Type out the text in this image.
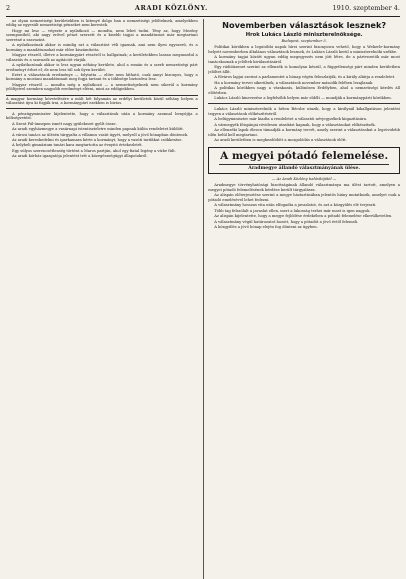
2	ARADI KÖZLÖNY.	1910. szeptember 4.

az olyan nemzetiségi kerületekben is kitenyé dolgo ban a nemzetiségi jelölteknek, amelyekben eddig az egyesült nemzetiségi pénzeket nem kerestek.

Hogy mi lesz — végezte a nyilatkozó — mondta, nem lehet tudni. Tény az, hogy Mezőny szempontból, aki nagy erővel pénzt szerzett és a kisebb tagjai a mandátumot már megtartani szeretné a szavazást.

A nyilatkozónak akkor is mindig azt a választást véli igaznak, ami nem ilyen egyszerű, és a kormány a mandátumokat már előre kiszámította.

Magyar részről, illetve a kormánypárt részéről is hallgatnak; a kerületekben lassan megmozdul a választás és a szavazók az agitációt várják.

A nyilatkozónak akkor is lesz ugyan néhány kerülete, ahol a román és a szerb nemzetiségi párt eredményt érhet el; de nem lesz túl sok ilyen kerület.

Ezért a választások eredménye — folytatta — előre nem látható, csak annyi bizonyos, hogy a kormány a mostani mandátumait meg fogja tartani és a többsége biztosítva lesz.

Magyar részről — mondta még a nyilatkozó — a nemzetiségeknek nem sikerül a kormány jelöltjeivel szemben nagyobb eredményt elérni, mint az eddigiekben.

A magyar kormány követelésére a múlt hét folyamán az erdélyi kerületek közül néhány helyen a választást újra ki fogják írni, a kormánypárt ezekben is biztos.

A pénzügyminiszter kijelentette, hogy a választások után a kormány azonnal benyújtja a költségvetést.

A Szent Pál-ünnepen ismét nagy gyülekezet gyűlt össze.

Az aradi egyházmegye a vasárnapi istentiszteletre minden papnak külön rendeletet küldött.

A városi tanács az ülésén tárgyalta a villamos vasút ügyét, melyről a jövő hónapban döntenek.

Az aradi kereskedelmi és iparkamara kérte a kormányt, hogy a vasúti tarifákat csökkentse.

A helybeli gimnázium tanári kara megtartotta az évnyitó értekezletét.

Egy súlyos szerencsétlenség történt a Maros partján, ahol egy fiatal legény a vízbe fúlt.

Az aradi kórház igazgatója jelentést tett a közegészségügyi állapotokról.

Novemberben választások lesznek?
Hrok Lukács László miniszterelnöksége.
Budapest, szeptember 3.

Politikai körökben a legutóbbi napok hírei szerint bizonyosra vehető, hogy a Wekerle-kormány helyett novemberben általános választások lesznek, és Lukács László kerül a miniszterelnöki székbe.

A kormány tagjai között ugyan eddig megegyezés nem jött létre, de a pártvezetők már most tanácskoznak a jelöltek kiválasztásáról.

Egy rádióüzenet szerint az ellenzék is komolyan készül, a függetlenségi párt minden kerületben jelöltet állít.

A főváros lapjai szerint a parlamentet a hónap végén feloszlatják, és a király aláírja a rendeletet.

Ha a kormány tervei sikerülnek, a választások november második felében lezajlanak.

A politikai körökben nagy a várakozás, különösen Erdélyben, ahol a nemzetiségi kérdés áll előtérben.

Lukács László kinevezése a legfelsőbb helyen már eldőlt — mondják a kormánypárti körökben.

Lukács László miniszterelnök a héten Bécsbe utazik, hogy a királynál kihallgatáson jelentést tegyen a választások előkészítéséről.

A belügyminiszter már kiadta a rendeletet a választói névjegyzékek kiigazítására.

A vármegyék főispánjai rövidesen utasítást kapnak, hogy a választásokat előkészítsék.

Az ellenzéki lapok élesen támadják a kormány tervét, amely szerint a választásokat a legrövidebb időn belül kell megtartani.

Az aradi kerületben is megkezdődött a mozgolódás a választások előtt.

A megyei pótadó felemelése.
Aradmegye állandó választmányának ülése.
— Az Aradi Közlöny tudósítójától —

Aradmegye törvényhatósági bizottságának állandó választmánya ma ülést tartott, amelyen a megyei pótadó felemelésének kérdése került tárgyalásra.

Az alispán előterjesztése szerint a megye háztartásában jelentős hiány mutatkozik, amelyet csak a pótadó emelésével lehet fedezni.

A választmány hosszas vita után elfogadta a javaslatot, és azt a közgyűlés elé terjeszti.

Több tag felszólalt a javaslat ellen, mert a lakosság terhei már most is igen nagyok.

Az alispán kijelentette, hogy a megye fejlődése érdekében a pótadó felemelése elkerülhetetlen.

A választmány végül határozatot hozott, hogy a pótadót a jövő évtől felemeli.

A közgyűlés a jövő hónap elején fog dönteni az ügyben.
